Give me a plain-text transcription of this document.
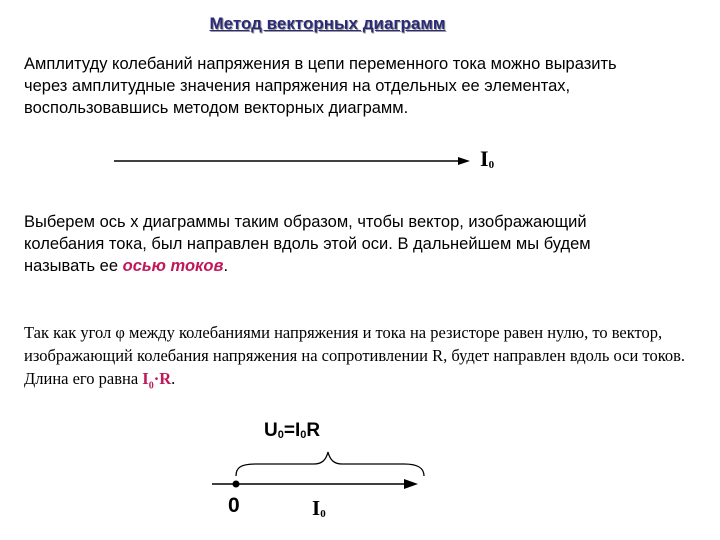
Метод векторных диаграмм
Амплитуду колебаний напряжения в цепи переменного тока можно выразить через амплитудные значения напряжения на отдельных ее элементах, воспользовавшись методом векторных диаграмм.
$I_0$
Выберем ось x диаграммы таким образом, чтобы вектор, изображающий колебания тока, был направлен вдоль этой оси. В дальнейшем мы будем называть ее осью токов.
Так как угол φ между колебаниями напряжения и тока на резисторе равен нулю, то вектор, изображающий колебания напряжения на сопротивлении R, будет направлен вдоль оси токов. Длина его равна $I_0\cdot R$.
$U_0=I_0R$
0	$I_0$
